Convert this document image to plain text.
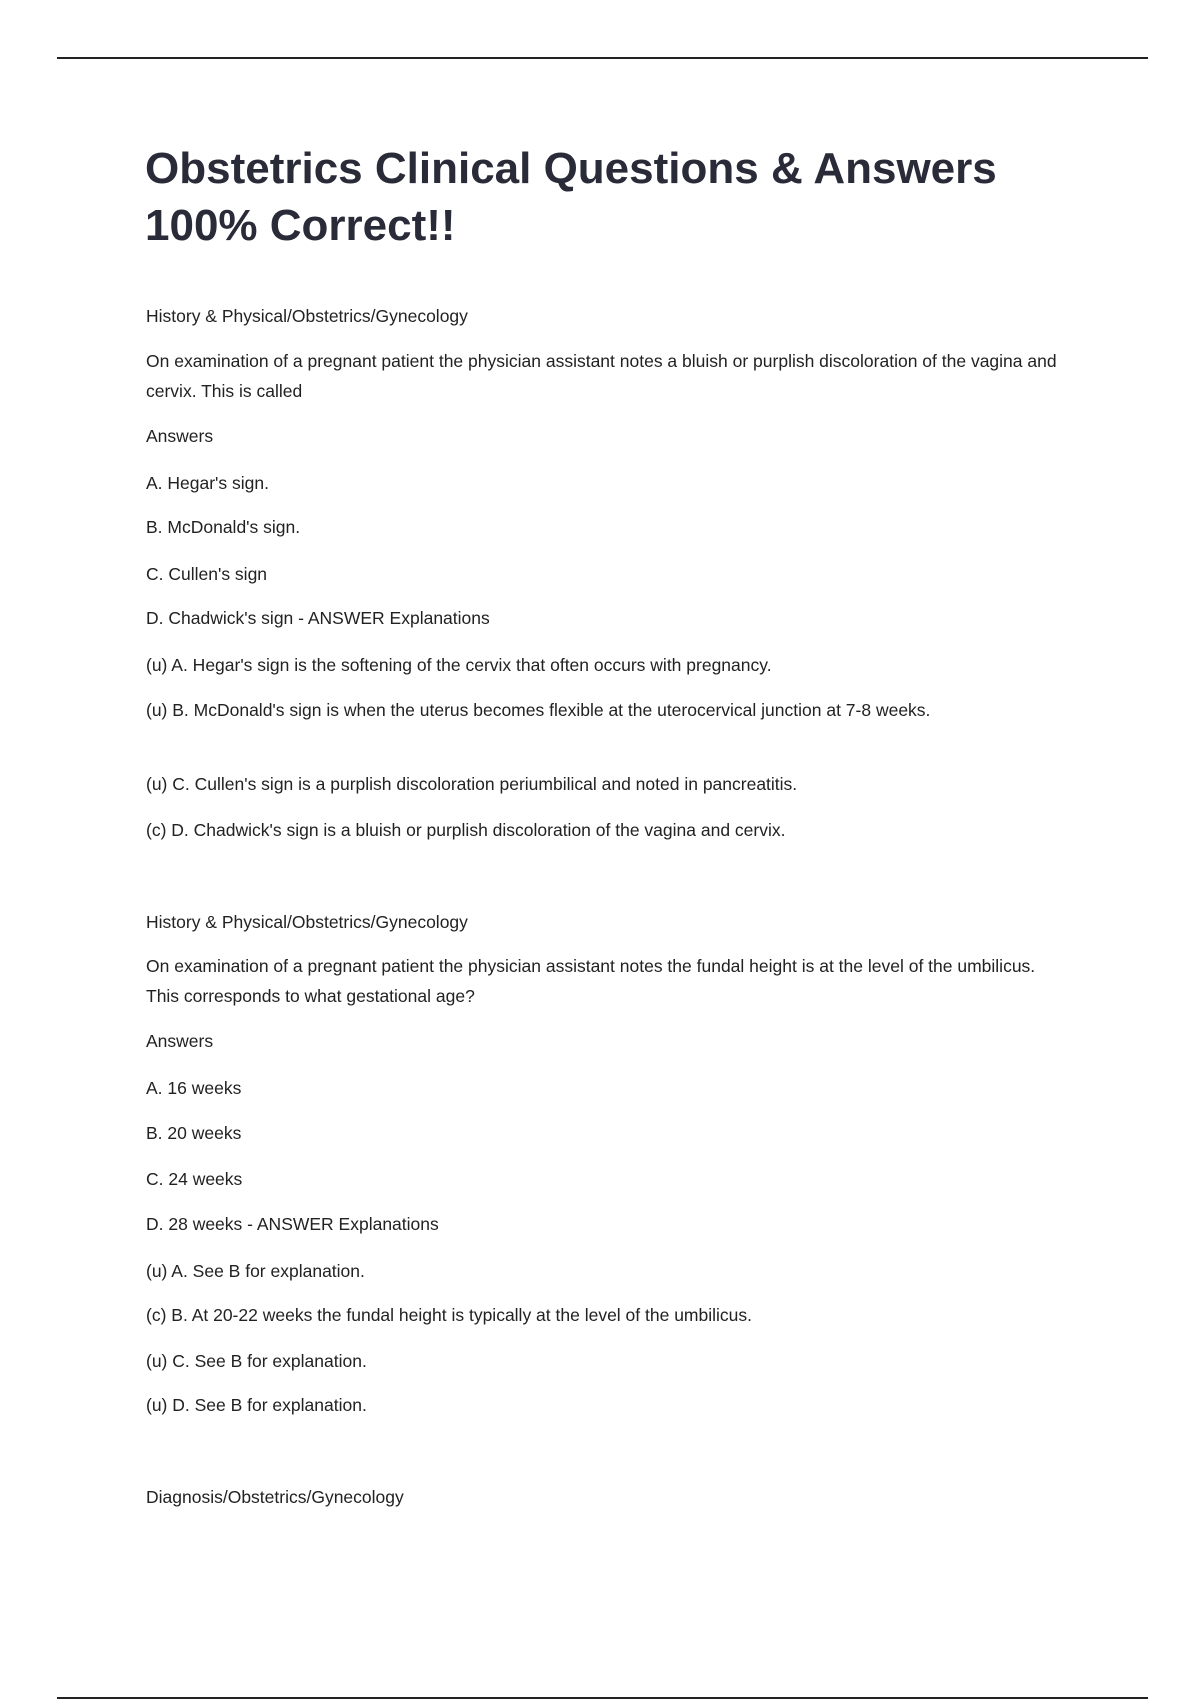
Obstetrics Clinical Questions & Answers 100% Correct!!

History & Physical/Obstetrics/Gynecology

On examination of a pregnant patient the physician assistant notes a bluish or purplish discoloration of the vagina and cervix. This is called

Answers

A. Hegar's sign.

B. McDonald's sign.

C. Cullen's sign

D. Chadwick's sign - ANSWER Explanations

(u) A. Hegar's sign is the softening of the cervix that often occurs with pregnancy.

(u) B. McDonald's sign is when the uterus becomes flexible at the uterocervical junction at 7-8 weeks.

(u) C. Cullen's sign is a purplish discoloration periumbilical and noted in pancreatitis.

(c) D. Chadwick's sign is a bluish or purplish discoloration of the vagina and cervix.

History & Physical/Obstetrics/Gynecology

On examination of a pregnant patient the physician assistant notes the fundal height is at the level of the umbilicus. This corresponds to what gestational age?

Answers

A. 16 weeks

B. 20 weeks

C. 24 weeks

D. 28 weeks - ANSWER Explanations

(u) A. See B for explanation.

(c) B. At 20-22 weeks the fundal height is typically at the level of the umbilicus.

(u) C. See B for explanation.

(u) D. See B for explanation.

Diagnosis/Obstetrics/Gynecology
